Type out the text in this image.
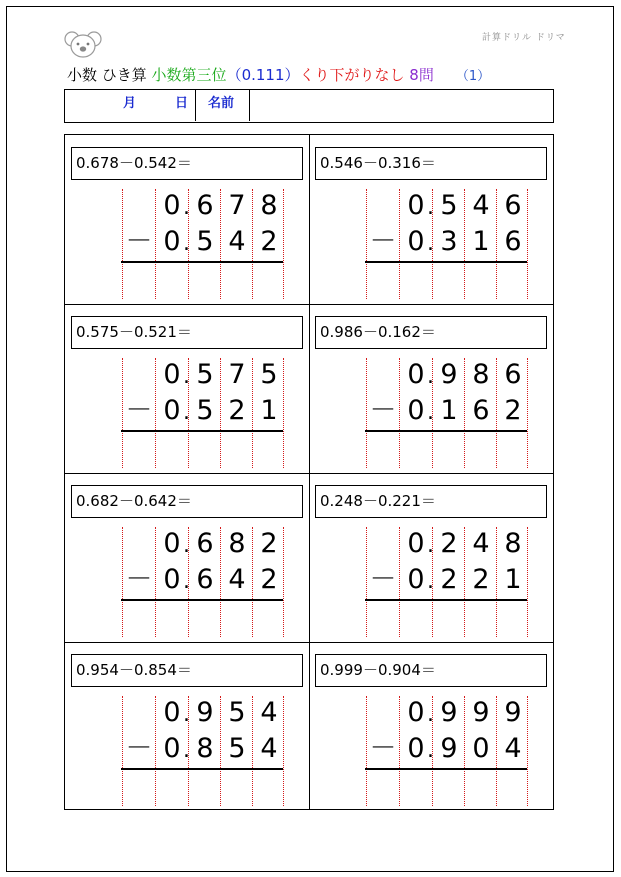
計算ドリル ドリマ
小数 ひき算 小数第三位（0.111）くり下がりなし 8問 （1）
月	日 名前
0.678－0.542＝
0 6 7 8
.
0 5 4 2
.
－
0.546－0.316＝
0 5 4 6
.
0 3 1 6
.
－
0.575－0.521＝
0 5 7 5
.
0 5 2 1
.
－
0.986－0.162＝
0 9 8 6
.
0 1 6 2
.
－
0.682－0.642＝
0 6 8 2
.
0 6 4 2
.
－
0.248－0.221＝
0 2 4 8
.
0 2 2 1
.
－
0.954－0.854＝
0 9 5 4
.
0 8 5 4
.
－
0.999－0.904＝
0 9 9 9
.
0 9 0 4
.
－
